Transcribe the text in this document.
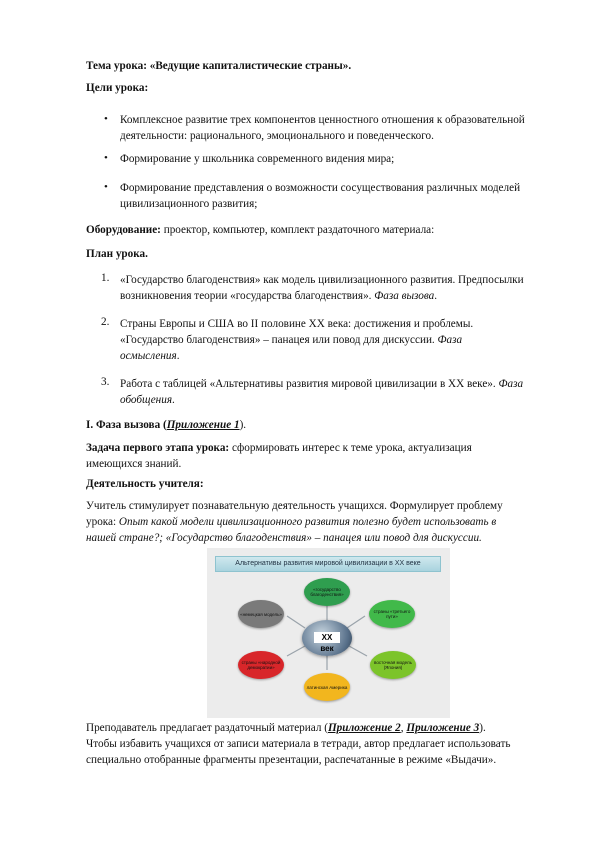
Тема урока: «Ведущие капиталистические страны».

Цели урока:

• Комплексное развитие трех компонентов ценностного отношения к образовательной
деятельности: рационального, эмоционального и поведенческого.
• Формирование у школьника современного видения мира;
• Формирование представления о возможности сосуществования различных моделей
цивилизационного развития;

Оборудование: проектор, компьютер, комплект раздаточного материала:

План урока.

1. «Государство благоденствия» как модель цивилизационного развития. Предпосылки
возникновения теории «государства благоденствия». Фаза вызова.
2. Страны Европы и США во II половине XX века: достижения и проблемы.
«Государство благоденствия» – панацея или повод для дискуссии. Фаза
осмысления.
3. Работа с таблицей «Альтернативы развития мировой цивилизации в XX веке». Фаза
обобщения.

I. Фаза вызова (Приложение 1).

Задача первого этапа урока: сформировать интерес к теме урока, актуализация
имеющихся знаний.

Деятельность учителя:

Учитель стимулирует познавательную деятельность учащихся. Формулирует проблему
урока: Опыт какой модели цивилизационного развития полезно будет использовать в
нашей стране?; «Государство благоденствия» – панацея или повод для дискуссии.

Альтернативы развития мировой цивилизации в ХХ веке
XX век
«государство благоденствия»
страны «третьего пути»
восточная модель (Япония)
латинская Америка
страны «народной демократии»
«немецкая модель»

Преподаватель предлагает раздаточный материал (Приложение 2, Приложение 3).
Чтобы избавить учащихся от записи материала в тетради, автор предлагает использовать
специально отобранные фрагменты презентации, распечатанные в режиме «Выдачи».
